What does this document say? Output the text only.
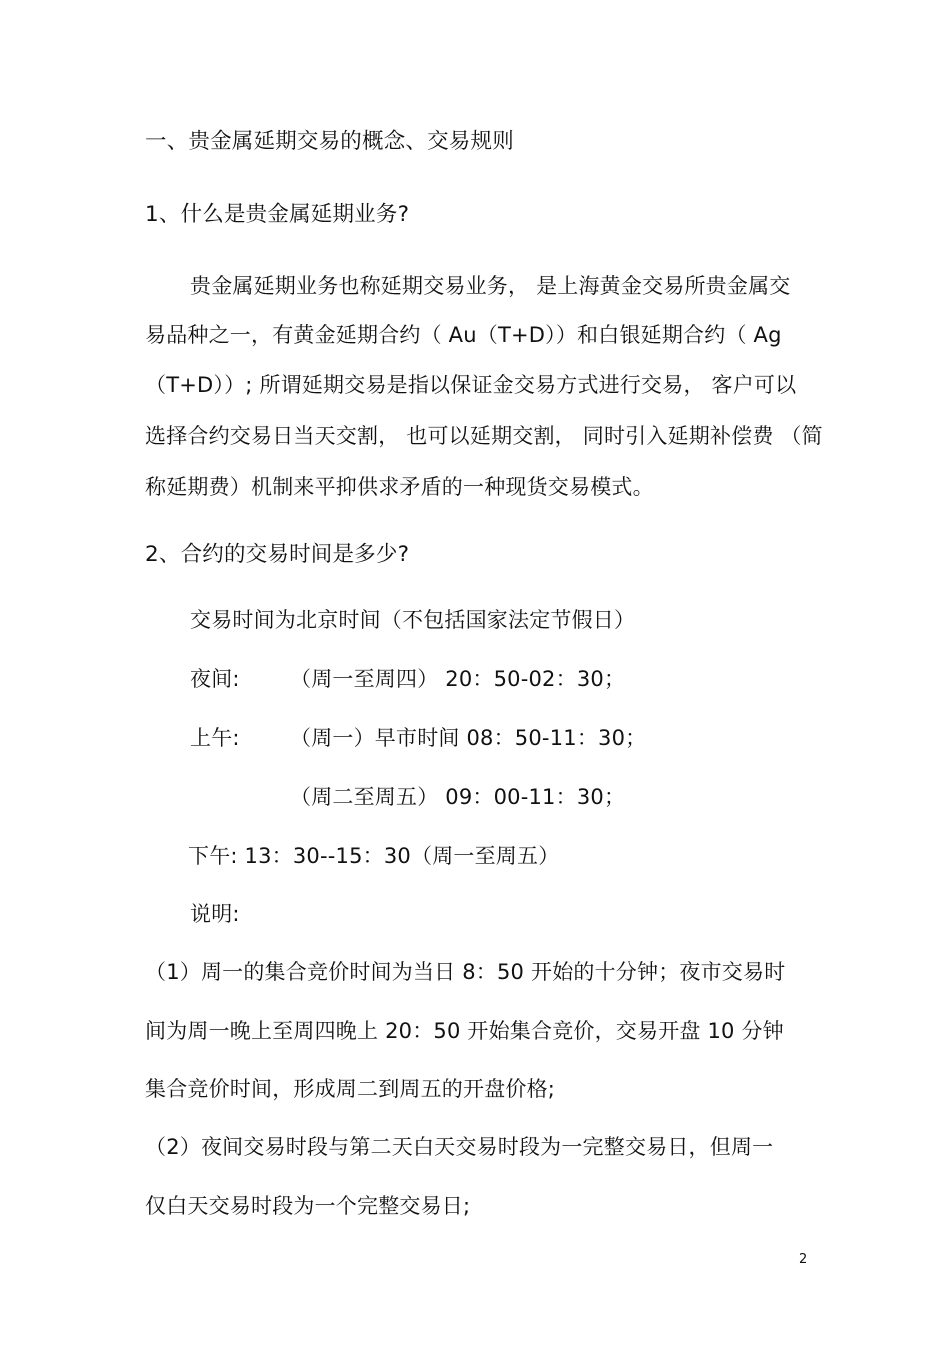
一、贵金属延期交易的概念、交易规则
1、什么是贵金属延期业务?
贵金属延期业务也称延期交易业务， 是上海黄金交易所贵金属交
易品种之一，有黄金延期合约（ Au（T+D））和白银延期合约（ Ag
（T+D））; 所谓延期交易是指以保证金交易方式进行交易， 客户可以
选择合约交易日当天交割， 也可以延期交割， 同时引入延期补偿费 （简
称延期费）机制来平抑供求矛盾的一种现货交易模式。
2、合约的交易时间是多少?
交易时间为北京时间（不包括国家法定节假日）
夜间: （周一至周四） 20：50-02：30；
上午: （周一）早市时间 08：50-11：30；
（周二至周五） 09：00-11：30；
下午: 13：30--15：30（周一至周五）
说明:
（1）周一的集合竞价时间为当日 8：50 开始的十分钟；夜市交易时
间为周一晚上至周四晚上 20：50 开始集合竞价，交易开盘 10 分钟
集合竞价时间，形成周二到周五的开盘价格;
（2）夜间交易时段与第二天白天交易时段为一完整交易日，但周一
仅白天交易时段为一个完整交易日;
2
